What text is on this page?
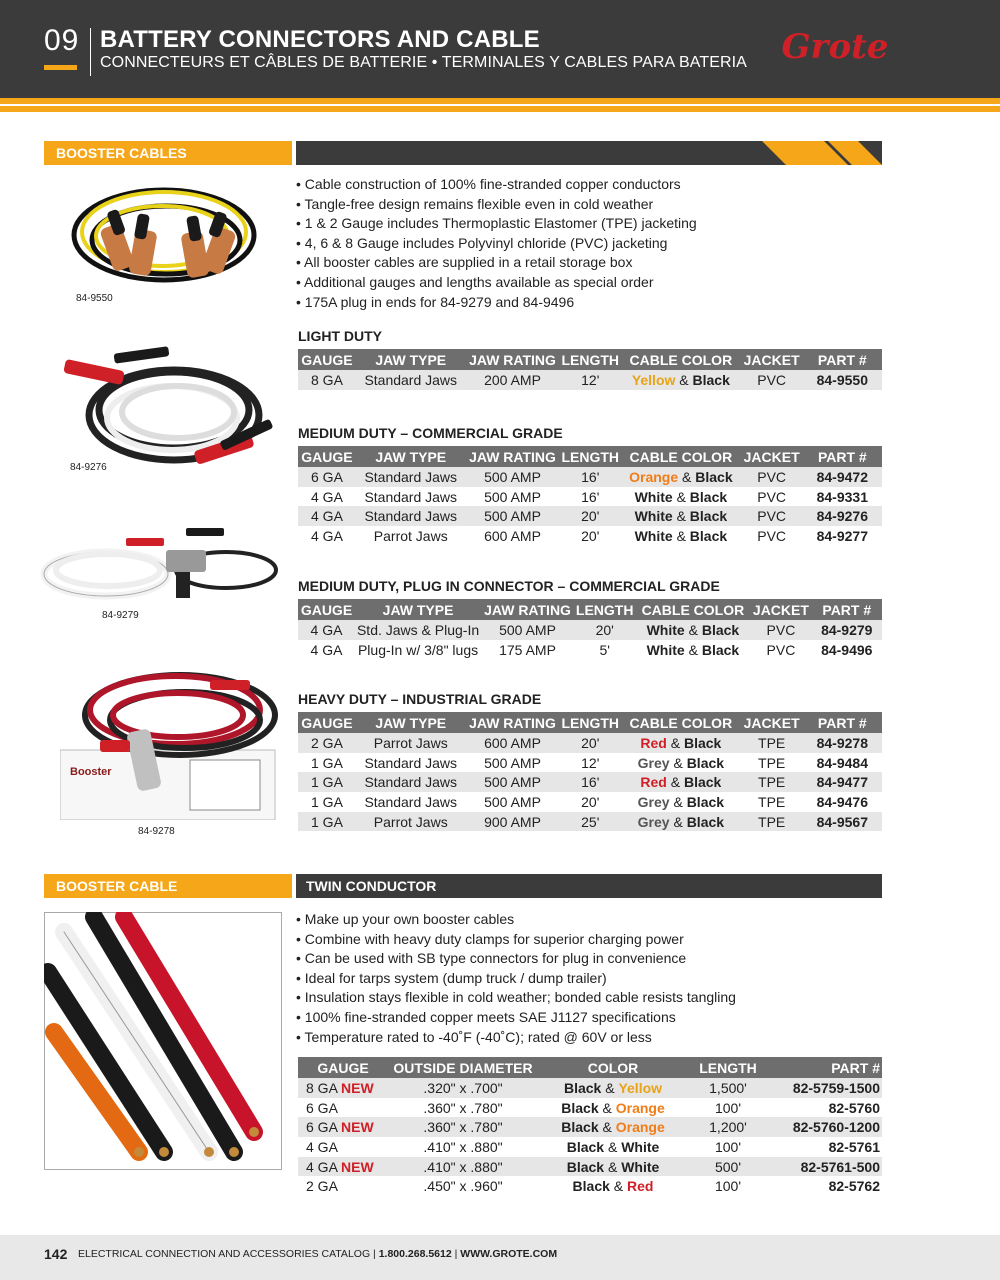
09 BATTERY CONNECTORS AND CABLE
CONNECTEURS ET CÂBLES DE BATTERIE • TERMINALES Y CABLES PARA BATERIA Grote
BOOSTER CABLES
84-9550
84-9276
84-9279
Booster
84-9278
• Cable construction of 100% fine-stranded copper conductors
• Tangle-free design remains flexible even in cold weather
• 1 & 2 Gauge includes Thermoplastic Elastomer (TPE) jacketing
• 4, 6 & 8 Gauge includes Polyvinyl chloride (PVC) jacketing
• All booster cables are supplied in a retail storage box
• Additional gauges and lengths available as special order
• 175A plug in ends for 84-9279 and 84-9496
LIGHT DUTY
GAUGE	JAW TYPE	JAW RATING	LENGTH	CABLE COLOR	JACKET	PART #
8 GA	Standard Jaws	200 AMP	12'	Yellow & Black	PVC	84-9550
MEDIUM DUTY – COMMERCIAL GRADE
GAUGE	JAW TYPE	JAW RATING	LENGTH	CABLE COLOR	JACKET	PART #
6 GA	Standard Jaws	500 AMP	16'	Orange & Black	PVC	84-9472
4 GA	Standard Jaws	500 AMP	16'	White & Black	PVC	84-9331
4 GA	Standard Jaws	500 AMP	20'	White & Black	PVC	84-9276
4 GA	Parrot Jaws	600 AMP	20'	White & Black	PVC	84-9277
MEDIUM DUTY, PLUG IN CONNECTOR – COMMERCIAL GRADE
GAUGE	JAW TYPE	JAW RATING	LENGTH	CABLE COLOR	JACKET	PART #
4 GA	Std. Jaws & Plug-In	500 AMP	20'	White & Black	PVC	84-9279
4 GA	Plug-In w/ 3/8" lugs	175 AMP	5'	White & Black	PVC	84-9496
HEAVY DUTY – INDUSTRIAL GRADE
GAUGE	JAW TYPE	JAW RATING	LENGTH	CABLE COLOR	JACKET	PART #
2 GA	Parrot Jaws	600 AMP	20'	Red & Black	TPE	84-9278
1 GA	Standard Jaws	500 AMP	12'	Grey & Black	TPE	84-9484
1 GA	Standard Jaws	500 AMP	16'	Red & Black	TPE	84-9477
1 GA	Standard Jaws	500 AMP	20'	Grey & Black	TPE	84-9476
1 GA	Parrot Jaws	900 AMP	25'	Grey & Black	TPE	84-9567
BOOSTER CABLE	TWIN CONDUCTOR
• Make up your own booster cables
• Combine with heavy duty clamps for superior charging power
• Can be used with SB type connectors for plug in convenience
• Ideal for tarps system (dump truck / dump trailer)
• Insulation stays flexible in cold weather; bonded cable resists tangling
• 100% fine-stranded copper meets SAE J1127 specifications
• Temperature rated to -40˚F (-40˚C); rated @ 60V or less
GAUGE	OUTSIDE DIAMETER	COLOR	LENGTH	PART #
8 GA NEW	.320" x .700"	Black & Yellow	1,500'	82-5759-1500
6 GA	.360" x .780"	Black & Orange	100'	82-5760
6 GA NEW	.360" x .780"	Black & Orange	1,200'	82-5760-1200
4 GA	.410" x .880"	Black & White	100'	82-5761
4 GA NEW	.410" x .880"	Black & White	500'	82-5761-500
2 GA	.450" x .960"	Black & Red	100'	82-5762
142 ELECTRICAL CONNECTION AND ACCESSORIES CATALOG | 1.800.268.5612 | WWW.GROTE.COM
